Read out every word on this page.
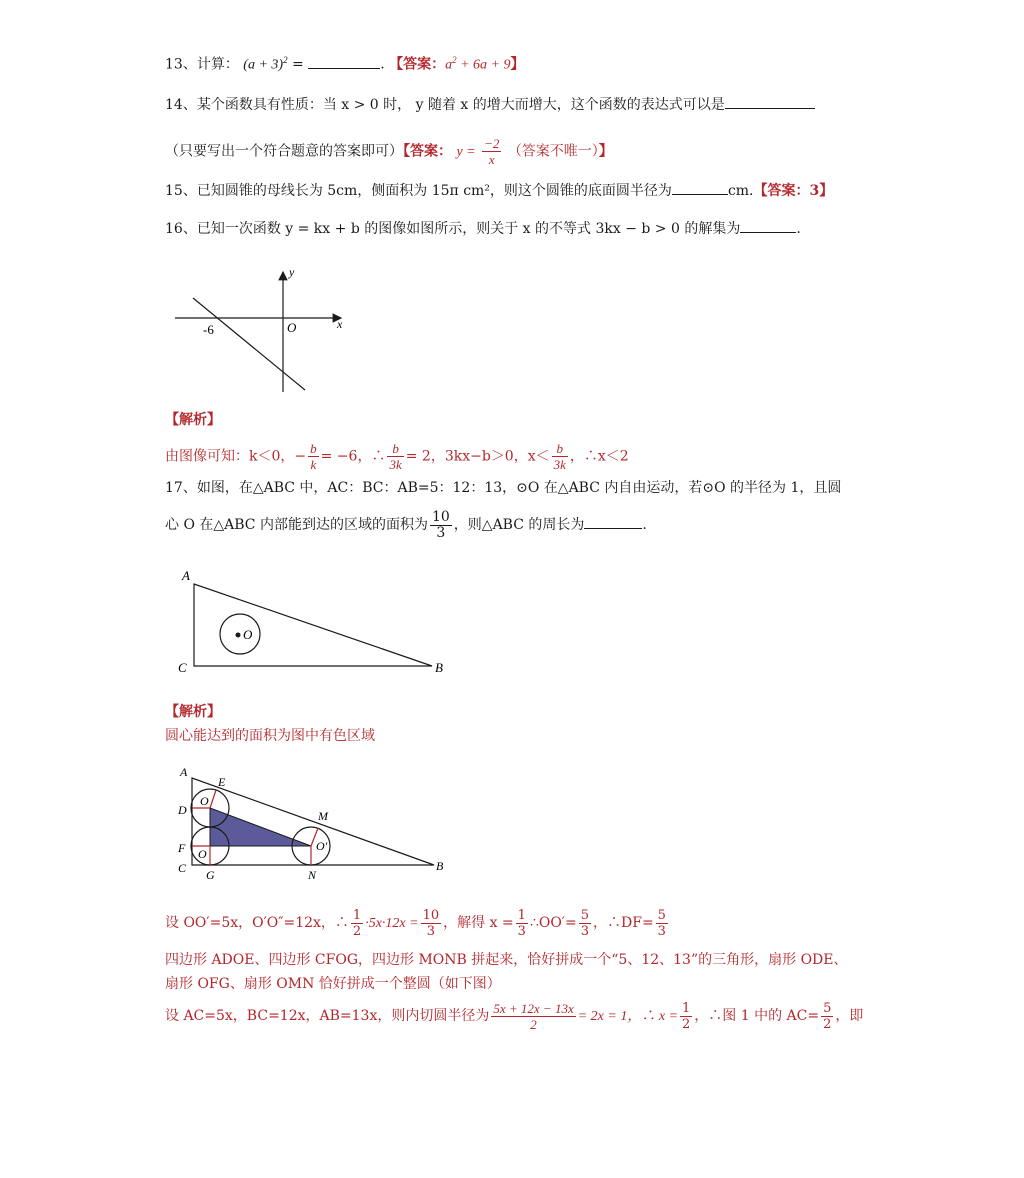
13、计算： $(a + 3)^2$ =	. 【答案：$a^2 + 6a + 9$】
14、某个函数具有性质：当 x > 0 时， y 随着 x 的增大而增大，这个函数的表达式可以是
（只要写出一个符合题意的答案即可）【答案： $y = \frac{-2}{x}$ （答案不唯一）】
15、已知圆锥的母线长为 5cm，侧面积为 15π cm²，则这个圆锥的底面圆半径为	cm.【答案：3】
16、已知一次函数 y = kx + b 的图像如图所示，则关于 x 的不等式 3kx − b > 0 的解集为	.
y
x
O
-6
【解析】
由图像可知：k＜0，− $\frac{b}{k} = -6$，∴ $\frac{b}{3k} = 2$，3kx−b＞0，$x< \frac{b}{3k}$ ，∴x＜2
17、如图，在△ABC 中，AC：BC：AB=5：12：13，⊙O 在△ABC 内自由运动，若⊙O 的半径为 1，且圆
心 O 在△ABC 内部能到达的区域的面积为 $\frac{10}{3}$ ，则△ABC 的周长为	.
A
C	B
O
【解析】
圆心能达到的面积为图中有色区域
A
E
D
O
F O
C G
M
O′
N
B
设 OO′=5x，O′O″=12x，∴ $\frac{1}{2} \cdot 5x\cdot 12x = \frac{10}{3}$ ，解得 $x = \frac{1}{3}$ ∴OO′= $\frac{5}{3}$ ，∴DF= $\frac{5}{3}$
四边形 ADOE、四边形 CFOG，四边形 MONB 拼起来，恰好拼成一个“5、12、13”的三角形，扇形 ODE、
扇形 OFG、扇形 OMN 恰好拼成一个整圆（如下图）
设 AC=5x，BC=12x，AB=13x，则内切圆半径为 $\frac{5x + 12x - 13x}{2} = 2x = 1$，∴ $x = \frac{1}{2}$ ，∴图 1 中的 $AC= \frac{5}{2}$ ，即
